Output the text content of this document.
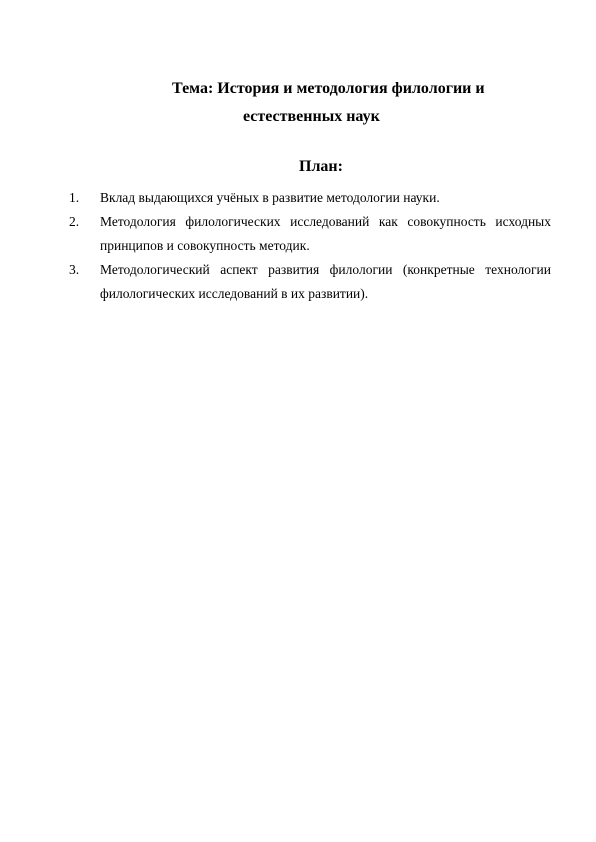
Тема: История и методология филологии и
естественных наук
План:
1. Вклад выдающихся учёных в развитие методологии науки.
2. Методология филологических исследований как совокупность исходных принципов и совокупность методик.
3. Методологический аспект развития филологии (конкретные технологии филологических исследований в их развитии).
